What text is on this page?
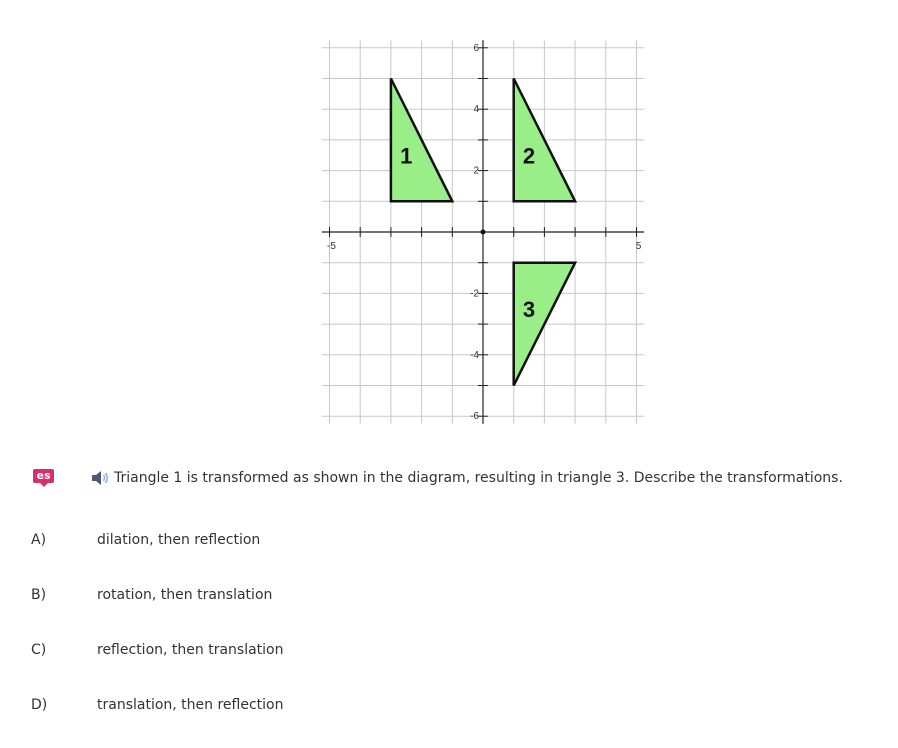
-5	5
6
4
2
-2
-4
-6
1	2
3
es	Triangle 1 is transformed as shown in the diagram, resulting in triangle 3. Describe the transformations.
A)	dilation, then reflection
B)	rotation, then translation
C)	reflection, then translation
D)	translation, then reflection
